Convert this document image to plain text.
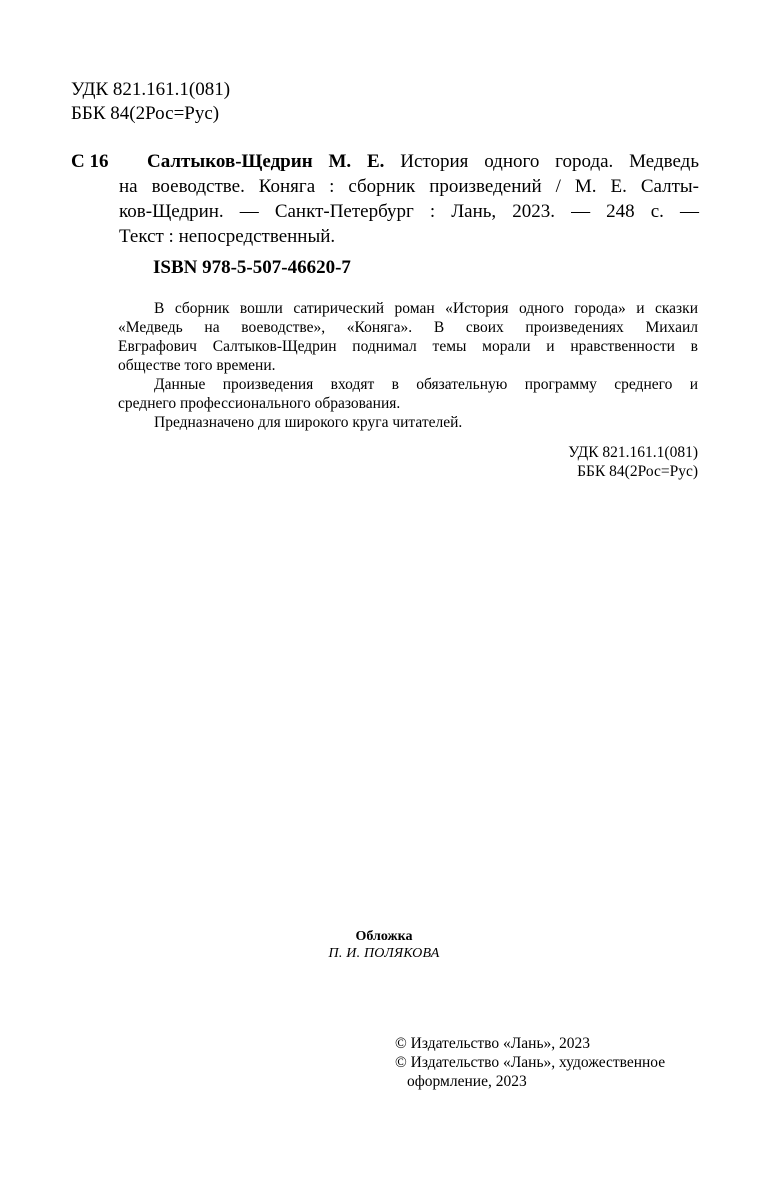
УДК 821.161.1(081)
ББК 84(2Рос=Рус)
С 16	Салтыков-Щедрин М. Е. История одного города. Медведь
на воеводстве. Коняга : сборник произведений / М. Е. Салты-
ков-Щедрин. — Санкт-Петербург : Лань, 2023. — 248 с. —
Текст : непосредственный.
ISBN 978-5-507-46620-7
В сборник вошли сатирический роман «История одного города» и сказки
«Медведь на воеводстве», «Коняга». В своих произведениях Михаил
Евграфович Салтыков-Щедрин поднимал темы морали и нравственности в
обществе того времени.
Данные произведения входят в обязательную программу среднего и
среднего профессионального образования.
Предназначено для широкого круга читателей.
УДК 821.161.1(081)
ББК 84(2Рос=Рус)
Обложка
П. И. ПОЛЯКОВА
© Издательство «Лань», 2023
© Издательство «Лань», художественное
оформление, 2023
